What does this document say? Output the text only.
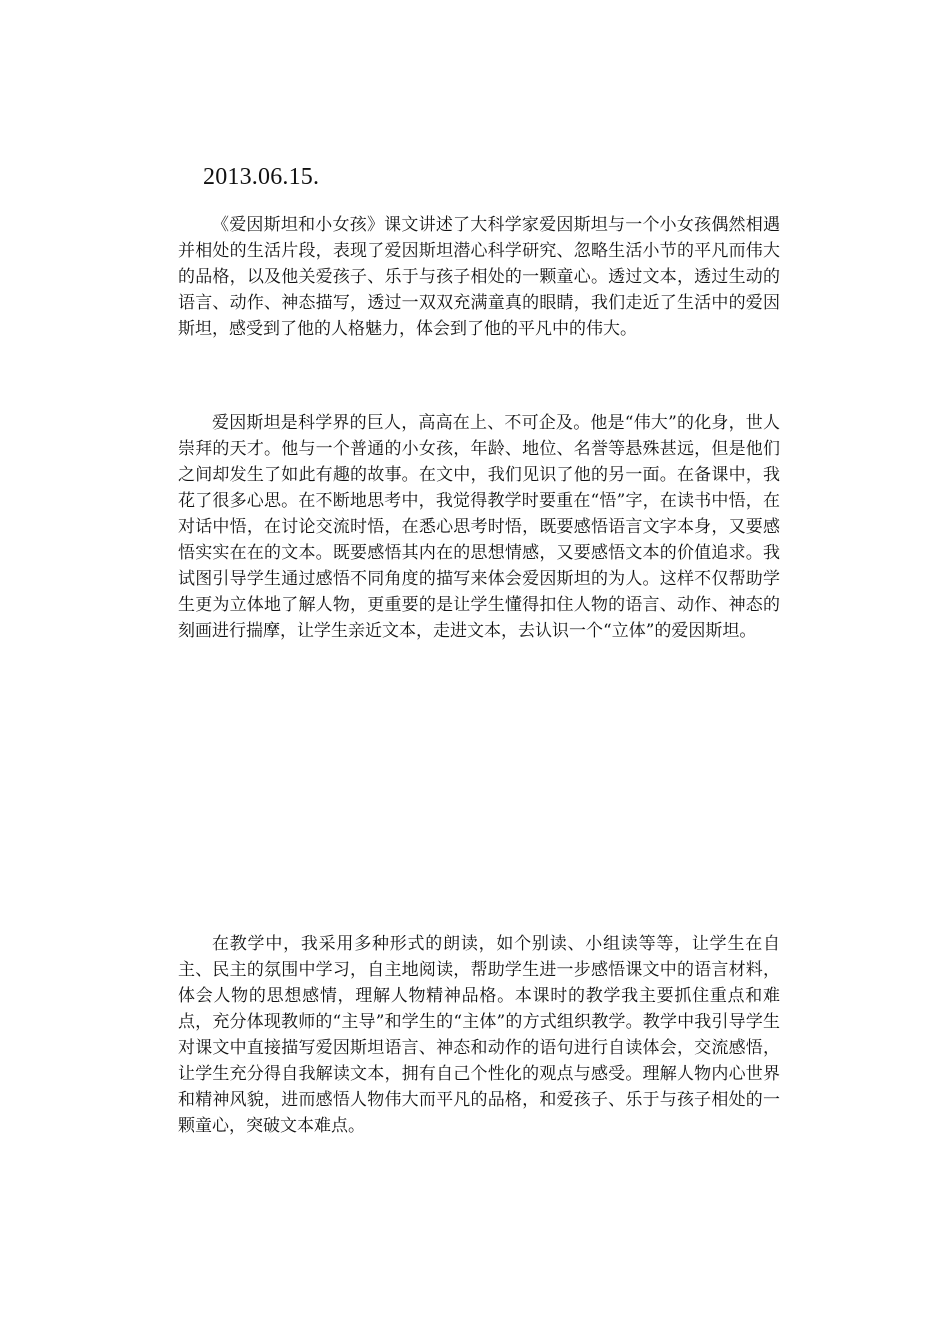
2013.06.15.

《爱因斯坦和小女孩》课文讲述了大科学家爱因斯坦与一个小女孩偶然相遇并相处的生活片段，表现了爱因斯坦潜心科学研究、忽略生活小节的平凡而伟大的品格，以及他关爱孩子、乐于与孩子相处的一颗童心。透过文本，透过生动的语言、动作、神态描写，透过一双双充满童真的眼睛，我们走近了生活中的爱因斯坦，感受到了他的人格魅力，体会到了他的平凡中的伟大。

爱因斯坦是科学界的巨人，高高在上、不可企及。他是“伟大”的化身，世人崇拜的天才。他与一个普通的小女孩，年龄、地位、名誉等悬殊甚远，但是他们之间却发生了如此有趣的故事。在文中，我们见识了他的另一面。在备课中，我花了很多心思。在不断地思考中，我觉得教学时要重在“悟”字，在读书中悟，在对话中悟，在讨论交流时悟，在悉心思考时悟，既要感悟语言文字本身，又要感悟实实在在的文本。既要感悟其内在的思想情感，又要感悟文本的价值追求。我试图引导学生通过感悟不同角度的描写来体会爱因斯坦的为人。这样不仅帮助学生更为立体地了解人物，更重要的是让学生懂得扣住人物的语言、动作、神态的刻画进行揣摩，让学生亲近文本，走进文本，去认识一个“立体”的爱因斯坦。

在教学中，我采用多种形式的朗读，如个别读、小组读等等，让学生在自主、民主的氛围中学习，自主地阅读，帮助学生进一步感悟课文中的语言材料，体会人物的思想感情，理解人物精神品格。本课时的教学我主要抓住重点和难点，充分体现教师的“主导”和学生的“主体”的方式组织教学。教学中我引导学生对课文中直接描写爱因斯坦语言、神态和动作的语句进行自读体会，交流感悟，让学生充分得自我解读文本，拥有自己个性化的观点与感受。理解人物内心世界和精神风貌，进而感悟人物伟大而平凡的品格，和爱孩子、乐于与孩子相处的一颗童心，突破文本难点。
